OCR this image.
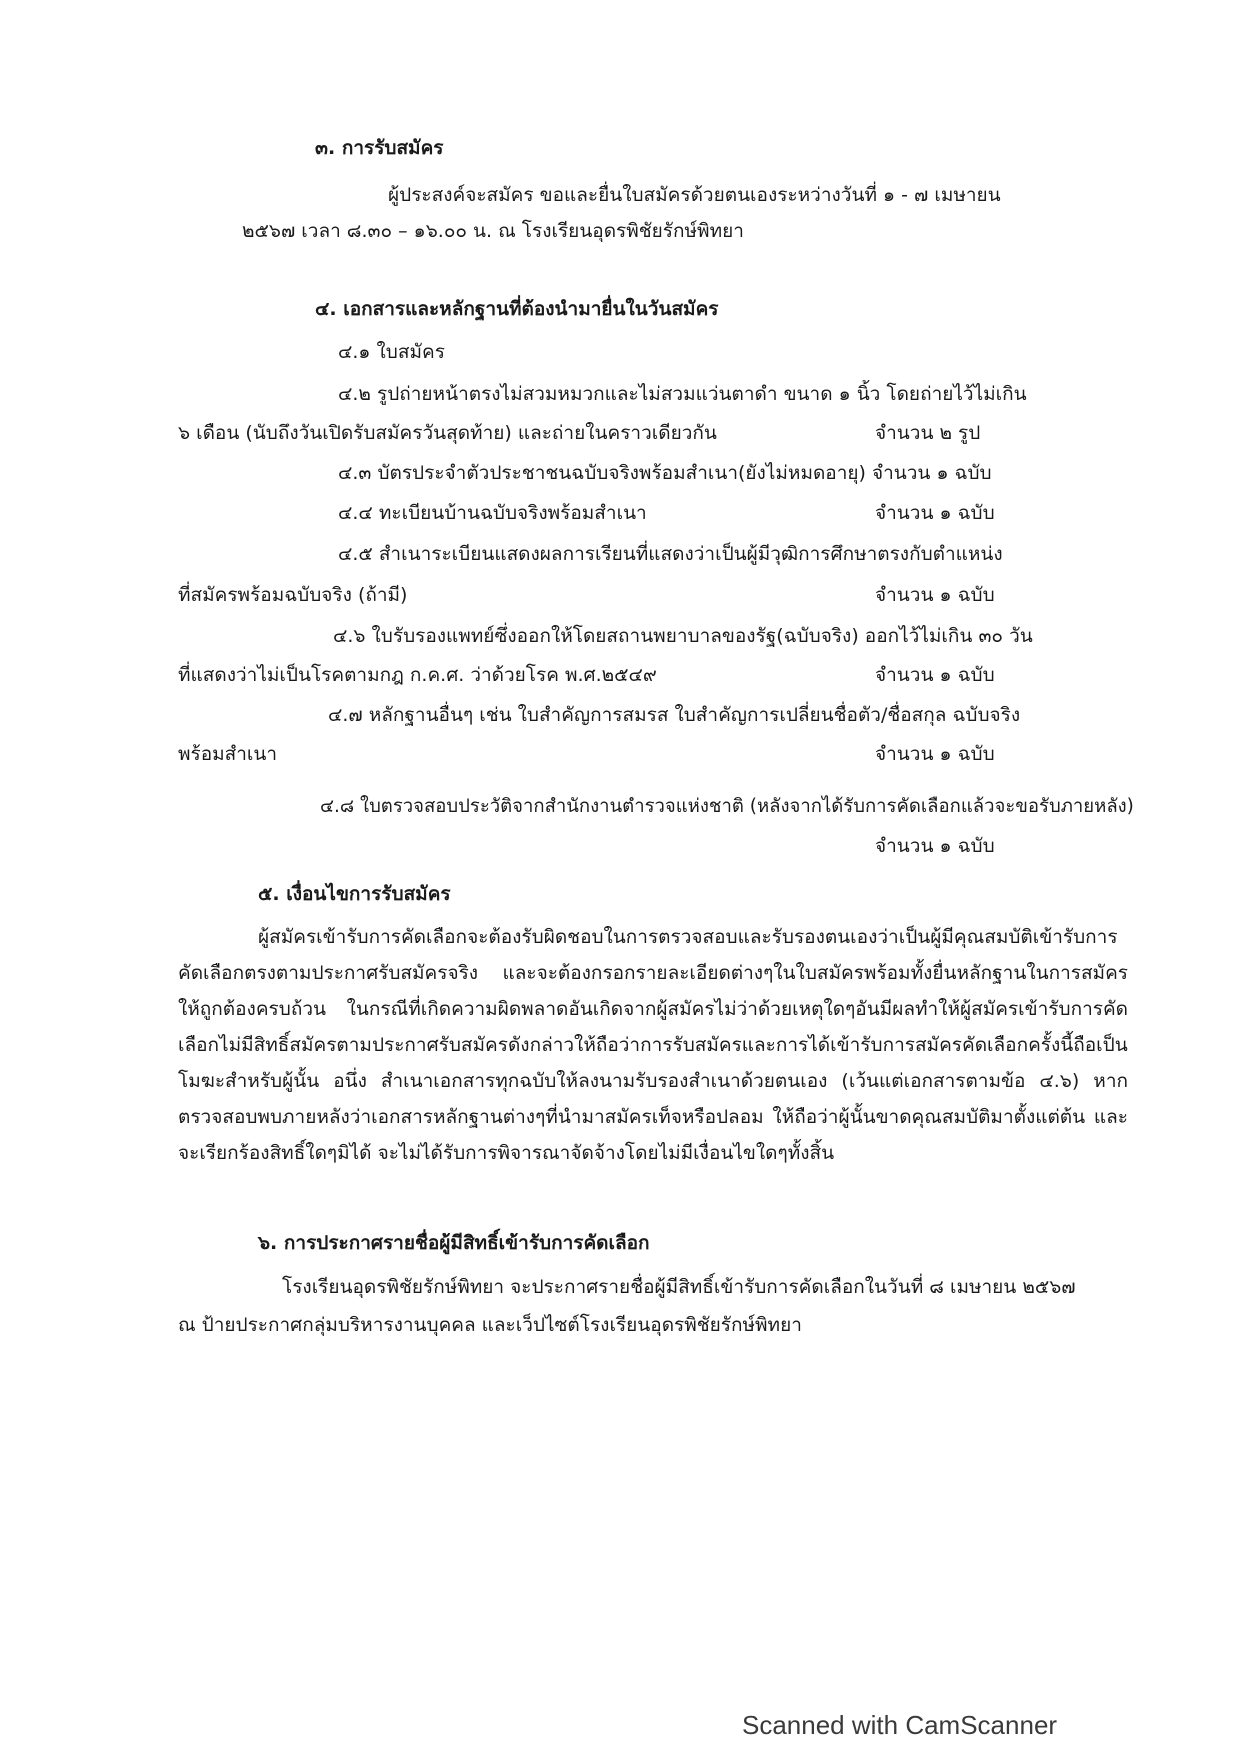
๓. การรับสมัคร
ผู้ประสงค์จะสมัคร ขอและยื่นใบสมัครด้วยตนเองระหว่างวันที่ ๑ - ๗ เมษายน
๒๕๖๗ เวลา ๘.๓๐ – ๑๖.๐๐ น. ณ โรงเรียนอุดรพิชัยรักษ์พิทยา
๔. เอกสารและหลักฐานที่ต้องนำมายื่นในวันสมัคร
๔.๑ ใบสมัคร
๔.๒ รูปถ่ายหน้าตรงไม่สวมหมวกและไม่สวมแว่นตาดำ ขนาด ๑ นิ้ว โดยถ่ายไว้ไม่เกิน
๖ เดือน (นับถึงวันเปิดรับสมัครวันสุดท้าย) และถ่ายในคราวเดียวกัน	จำนวน ๒ รูป
๔.๓ บัตรประจำตัวประชาชนฉบับจริงพร้อมสำเนา(ยังไม่หมดอายุ) จำนวน ๑ ฉบับ
๔.๔ ทะเบียนบ้านฉบับจริงพร้อมสำเนา	จำนวน ๑ ฉบับ
๔.๕ สำเนาระเบียนแสดงผลการเรียนที่แสดงว่าเป็นผู้มีวุฒิการศึกษาตรงกับตำแหน่ง
ที่สมัครพร้อมฉบับจริง (ถ้ามี)	จำนวน ๑ ฉบับ
๔.๖ ใบรับรองแพทย์ซึ่งออกให้โดยสถานพยาบาลของรัฐ(ฉบับจริง) ออกไว้ไม่เกิน ๓๐ วัน
ที่แสดงว่าไม่เป็นโรคตามกฎ ก.ค.ศ. ว่าด้วยโรค พ.ศ.๒๕๔๙	จำนวน ๑ ฉบับ
๔.๗ หลักฐานอื่นๆ เช่น ใบสำคัญการสมรส ใบสำคัญการเปลี่ยนชื่อตัว/ชื่อสกุล ฉบับจริง
พร้อมสำเนา	จำนวน ๑ ฉบับ
๔.๘ ใบตรวจสอบประวัติจากสำนักงานตำรวจแห่งชาติ (หลังจากได้รับการคัดเลือกแล้วจะขอรับภายหลัง)
จำนวน ๑ ฉบับ
๕. เงื่อนไขการรับสมัคร
ผู้สมัครเข้ารับการคัดเลือกจะต้องรับผิดชอบในการตรวจสอบและรับรองตนเองว่าเป็นผู้มีคุณสมบัติเข้ารับการคัดเลือกตรงตามประกาศรับสมัครจริง และจะต้องกรอกรายละเอียดต่างๆในใบสมัครพร้อมทั้งยื่นหลักฐานในการสมัครให้ถูกต้องครบถ้วน ในกรณีที่เกิดความผิดพลาดอันเกิดจากผู้สมัครไม่ว่าด้วยเหตุใดๆอันมีผลทำให้ผู้สมัครเข้ารับการคัดเลือกไม่มีสิทธิ์สมัครตามประกาศรับสมัครดังกล่าวให้ถือว่าการรับสมัครและการได้เข้ารับการสมัครคัดเลือกครั้งนี้ถือเป็นโมฆะสำหรับผู้นั้น อนึ่ง สำเนาเอกสารทุกฉบับให้ลงนามรับรองสำเนาด้วยตนเอง (เว้นแต่เอกสารตามข้อ ๔.๖) หากตรวจสอบพบภายหลังว่าเอกสารหลักฐานต่างๆที่นำมาสมัครเท็จหรือปลอม ให้ถือว่าผู้นั้นขาดคุณสมบัติมาตั้งแต่ต้น และจะเรียกร้องสิทธิ์ใดๆมิได้ จะไม่ได้รับการพิจารณาจัดจ้างโดยไม่มีเงื่อนไขใดๆทั้งสิ้น
๖. การประกาศรายชื่อผู้มีสิทธิ์เข้ารับการคัดเลือก
โรงเรียนอุดรพิชัยรักษ์พิทยา จะประกาศรายชื่อผู้มีสิทธิ์เข้ารับการคัดเลือกในวันที่ ๘ เมษายน ๒๕๖๗
ณ ป้ายประกาศกลุ่มบริหารงานบุคคล และเว็ปไซต์โรงเรียนอุดรพิชัยรักษ์พิทยา
Scanned with CamScanner
